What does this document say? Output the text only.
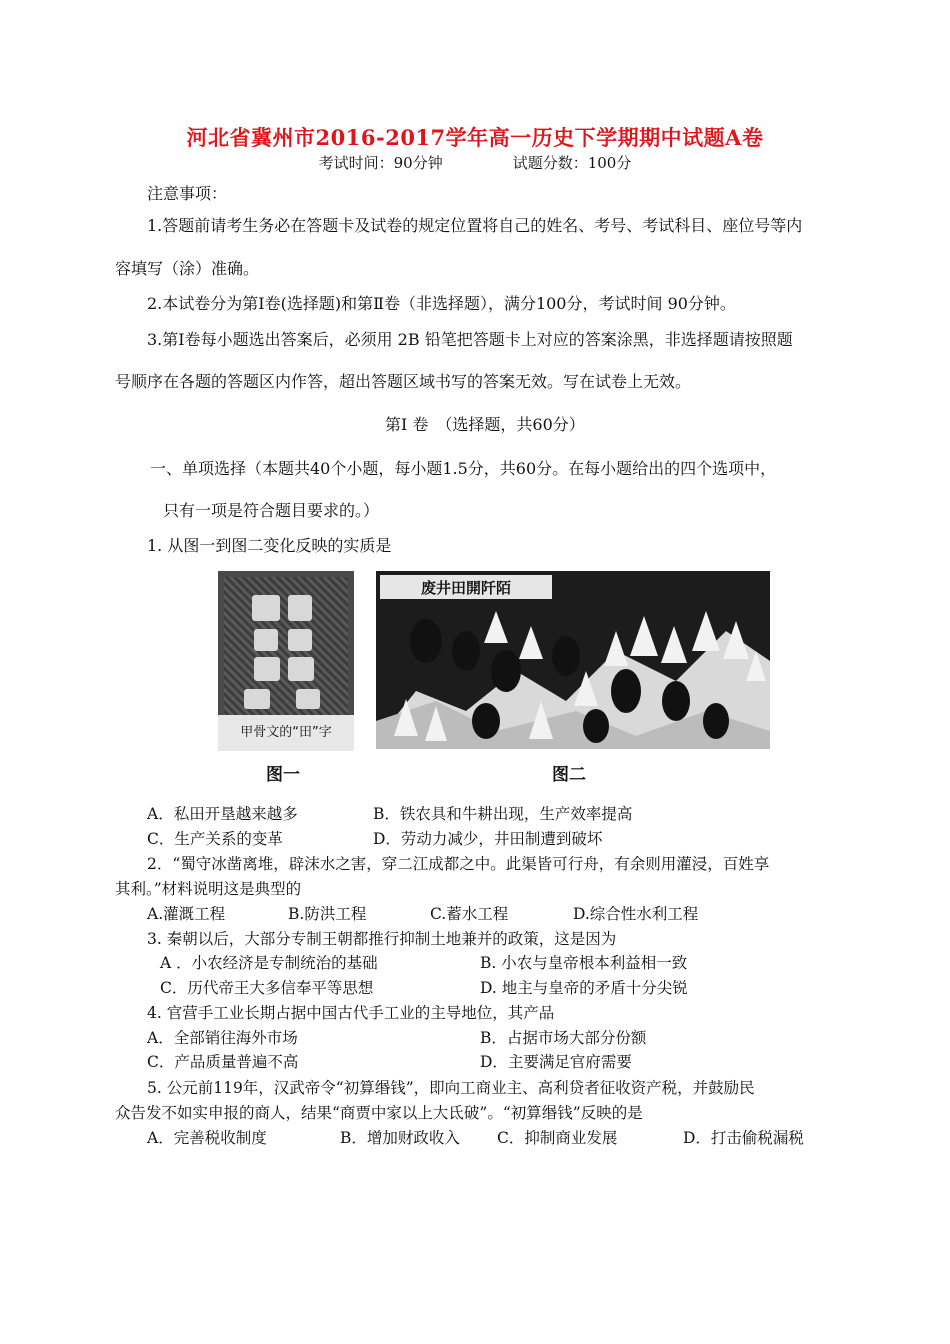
河北省冀州市2016-2017学年高一历史下学期期中试题A卷
考试时间：90分钟	试题分数：100分
注意事项：
1.答题前请考生务必在答题卡及试卷的规定位置将自己的姓名、考号、考试科目、座位号等内
容填写（涂）准确。
2.本试卷分为第Ⅰ卷(选择题)和第Ⅱ卷（非选择题），满分100分，考试时间 90分钟。
3.第Ⅰ卷每小题选出答案后，必须用 2B 铅笔把答题卡上对应的答案涂黑，非选择题请按照题
号顺序在各题的答题区内作答，超出答题区域书写的答案无效。写在试卷上无效。
第Ⅰ 卷　（选择题，共60分）
一、单项选择（本题共40个小题，每小题1.5分，共60分。在每小题给出的四个选项中，
只有一项是符合题目要求的。）
1. 从图一到图二变化反映的实质是
甲骨文的“田”字
废井田開阡陌
图一	图二
A．私田开垦越来越多	B．铁农具和牛耕出现，生产效率提高
C．生产关系的变革	D．劳动力减少，井田制遭到破坏
2．“蜀守冰凿离堆，辟沫水之害，穿二江成都之中。此渠皆可行舟，有余则用灌浸，百姓享
其利。”材料说明这是典型的
A.灌溉工程	B.防洪工程	C.蓄水工程	D.综合性水利工程
3. 秦朝以后，大部分专制王朝都推行抑制土地兼并的政策，这是因为
A ．小农经济是专制统治的基础	B. 小农与皇帝根本利益相一致
C．历代帝王大多信奉平等思想	D. 地主与皇帝的矛盾十分尖锐
4. 官营手工业长期占据中国古代手工业的主导地位，其产品
A．全部销往海外市场	B．占据市场大部分份额
C．产品质量普遍不高	D．主要满足官府需要
5. 公元前119年，汉武帝令“初算缗钱”，即向工商业主、高利贷者征收资产税，并鼓励民
众告发不如实申报的商人，结果“商贾中家以上大氐破”。“初算缗钱”反映的是
A．完善税收制度	B．增加财政收入 C．抑制商业发展	D．打击偷税漏税
